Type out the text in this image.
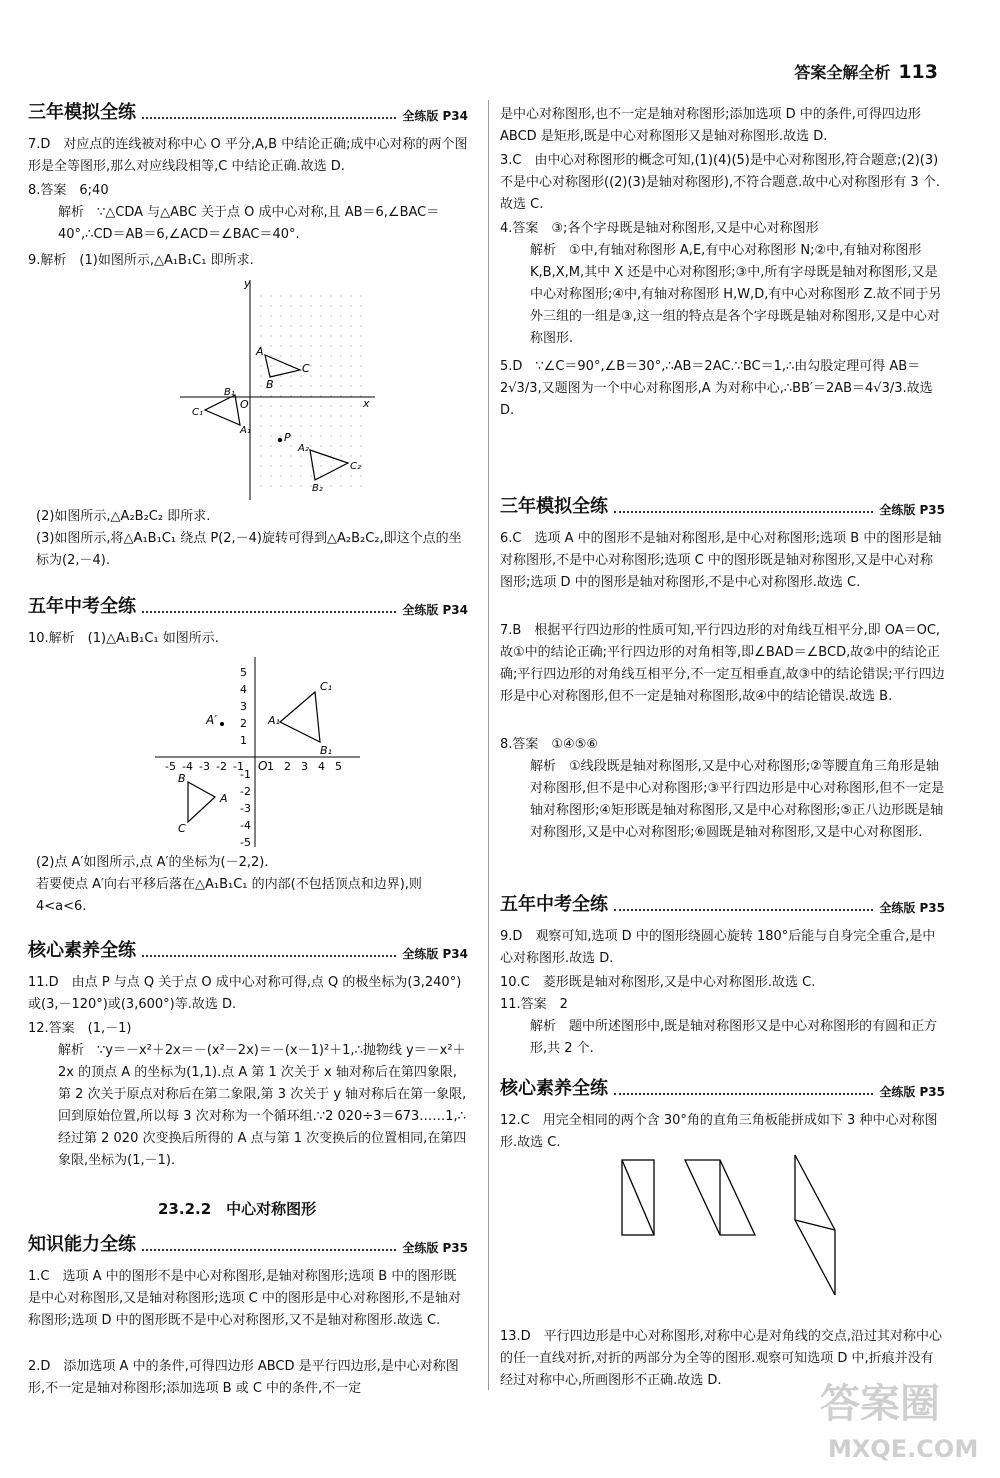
答案全解全析 113
三年模拟全练	全练版 P34
7.D　对应点的连线被对称中心 O 平分,A,B 中结论正确;成中心对称的两个图形是全等图形,那么对应线段相等,C 中结论正确.故选 D.
8.答案　6;40
解析　∵△CDA 与△ABC 关于点 O 成中心对称,且 AB＝6,∠BAC＝40°,∴CD＝AB＝6,∠ACD＝∠BAC＝40°.
9.解析　(1)如图所示,△A₁B₁C₁ 即所求.
x
y
O
A
B
C
B₁
C₁
A₁
P
A₂
C₂
B₂
(2)如图所示,△A₂B₂C₂ 即所求.
(3)如图所示,将△A₁B₁C₁ 绕点 P(2,－4)旋转可得到△A₂B₂C₂,即这个点的坐标为(2,－4).
五年中考全练	全练版 P34
10.解析　(1)△A₁B₁C₁ 如图所示.
-5 -4 -3 -2 -1 1 2 3 4 5
5
4
3
2
1
-1
-2
-3
-4
-5
O
A₁
C₁
B₁
A′
B
A
C
(2)点 A′如图所示,点 A′的坐标为(－2,2).
若要使点 A′向右平移后落在△A₁B₁C₁ 的内部(不包括顶点和边界),则 4<a<6.
核心素养全练	全练版 P34
11.D　由点 P 与点 Q 关于点 O 成中心对称可得,点 Q 的极坐标为(3,240°)或(3,－120°)或(3,600°)等.故选 D.
12.答案　(1,－1)
解析　∵y＝－x²＋2x＝－(x²－2x)＝－(x－1)²＋1,∴抛物线 y＝－x²＋2x 的顶点 A 的坐标为(1,1).点 A 第 1 次关于 x 轴对称后在第四象限,第 2 次关于原点对称后在第二象限,第 3 次关于 y 轴对称后在第一象限,回到原始位置,所以每 3 次对称为一个循环组.∵2 020÷3＝673……1,∴经过第 2 020 次变换后所得的 A 点与第 1 次变换后的位置相同,在第四象限,坐标为(1,－1).
23.2.2　中心对称图形
知识能力全练	全练版 P35
1.C　选项 A 中的图形不是中心对称图形,是轴对称图形;选项 B 中的图形既是中心对称图形,又是轴对称图形;选项 C 中的图形是中心对称图形,不是轴对称图形;选项 D 中的图形既不是中心对称图形,又不是轴对称图形.故选 C.
2.D　添加选项 A 中的条件,可得四边形 ABCD 是平行四边形,是中心对称图形,不一定是轴对称图形;添加选项 B 或 C 中的条件,不一定
是中心对称图形,也不一定是轴对称图形;添加选项 D 中的条件,可得四边形 ABCD 是矩形,既是中心对称图形又是轴对称图形.故选 D.
3.C　由中心对称图形的概念可知,(1)(4)(5)是中心对称图形,符合题意;(2)(3)不是中心对称图形((2)(3)是轴对称图形),不符合题意.故中心对称图形有 3 个.故选 C.
4.答案　③;各个字母既是轴对称图形,又是中心对称图形
解析　①中,有轴对称图形 A,E,有中心对称图形 N;②中,有轴对称图形 K,B,X,M,其中 X 还是中心对称图形;③中,所有字母既是轴对称图形,又是中心对称图形;④中,有轴对称图形 H,W,D,有中心对称图形 Z.故不同于另外三组的一组是③,这一组的特点是各个字母既是轴对称图形,又是中心对称图形.
5.D　∵∠C＝90°,∠B＝30°,∴AB＝2AC.∵BC＝1,∴由勾股定理可得 AB＝2√3/3,又题图为一个中心对称图形,A 为对称中心,∴BB′＝2AB＝4√3/3.故选 D.
三年模拟全练	全练版 P35
6.C　选项 A 中的图形不是轴对称图形,是中心对称图形;选项 B 中的图形是轴对称图形,不是中心对称图形;选项 C 中的图形既是轴对称图形,又是中心对称图形;选项 D 中的图形是轴对称图形,不是中心对称图形.故选 C.
7.B　根据平行四边形的性质可知,平行四边形的对角线互相平分,即 OA＝OC,故①中的结论正确;平行四边形的对角相等,即∠BAD＝∠BCD,故②中的结论正确;平行四边形的对角线互相平分,不一定互相垂直,故③中的结论错误;平行四边形是中心对称图形,但不一定是轴对称图形,故④中的结论错误.故选 B.
8.答案　①④⑤⑥
解析　①线段既是轴对称图形,又是中心对称图形;②等腰直角三角形是轴对称图形,但不是中心对称图形;③平行四边形是中心对称图形,但不一定是轴对称图形;④矩形既是轴对称图形,又是中心对称图形;⑤正八边形既是轴对称图形,又是中心对称图形;⑥圆既是轴对称图形,又是中心对称图形.
五年中考全练	全练版 P35
9.D　观察可知,选项 D 中的图形绕圆心旋转 180°后能与自身完全重合,是中心对称图形.故选 D.
10.C　菱形既是轴对称图形,又是中心对称图形.故选 C.
11.答案　2
解析　题中所述图形中,既是轴对称图形又是中心对称图形的有圆和正方形,共 2 个.
核心素养全练	全练版 P35
12.C　用完全相同的两个含 30°角的直角三角板能拼成如下 3 种中心对称图形.故选 C.
13.D　平行四边形是中心对称图形,对称中心是对角线的交点,沿过其对称中心的任一直线对折,对折的两部分为全等的图形.观察可知选项 D 中,折痕并没有经过对称中心,所画图形不正确.故选 D.
答案圈
MXQE.COM
